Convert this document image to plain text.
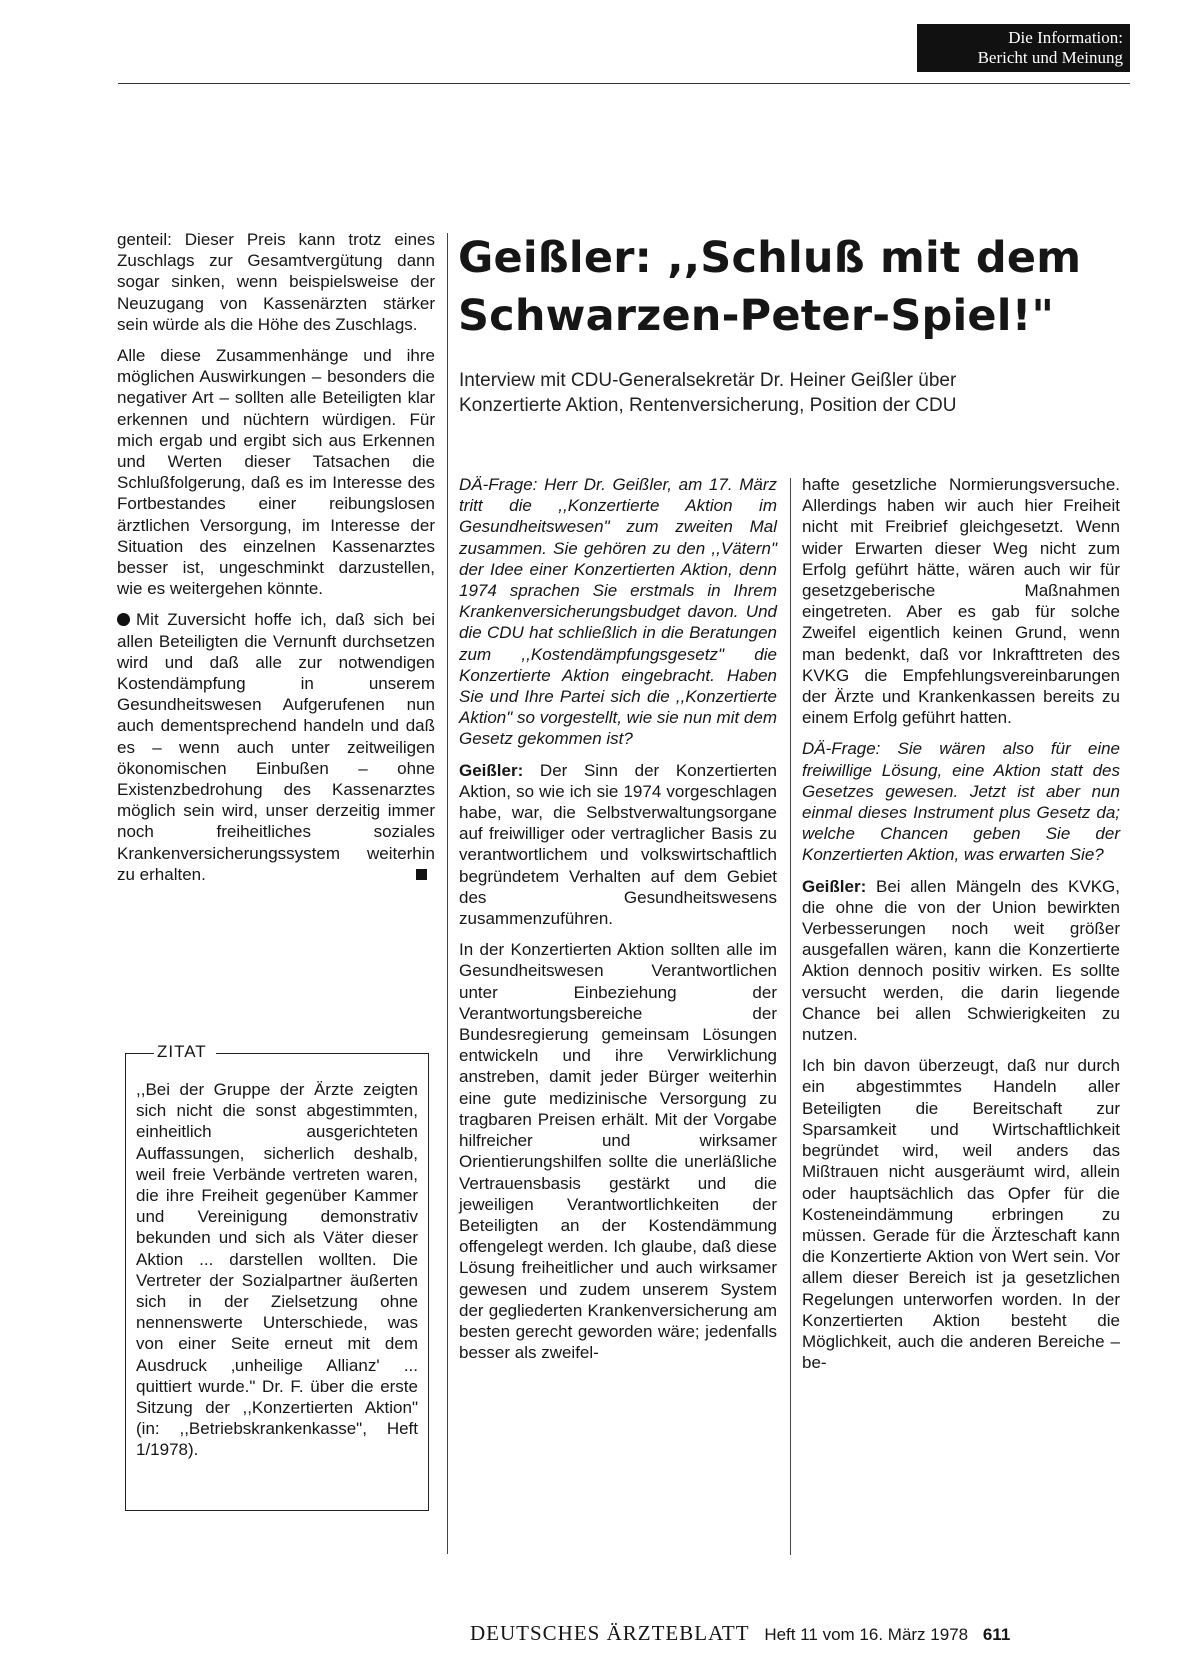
Die Information:
Bericht und Meinung

genteil: Dieser Preis kann trotz eines Zuschlags zur Gesamtvergütung dann sogar sinken, wenn beispielsweise der Neuzugang von Kassenärzten stärker sein würde als die Höhe des Zuschlags.

Alle diese Zusammenhänge und ihre möglichen Auswirkungen – besonders die negativer Art – sollten alle Beteiligten klar erkennen und nüchtern würdigen. Für mich ergab und ergibt sich aus Erkennen und Werten dieser Tatsachen die Schlußfolgerung, daß es im Interesse des Fortbestandes einer reibungslosen ärztlichen Versorgung, im Interesse der Situation des einzelnen Kassenarztes besser ist, ungeschminkt darzustellen, wie es weitergehen könnte.

Mit Zuversicht hoffe ich, daß sich bei allen Beteiligten die Vernunft durchsetzen wird und daß alle zur notwendigen Kostendämpfung in unserem Gesundheitswesen Aufgerufenen nun auch dementsprechend handeln und daß es – wenn auch unter zeitweiligen ökonomischen Einbußen – ohne Existenzbedrohung des Kassenarztes möglich sein wird, unser derzeitig immer noch freiheitliches soziales Krankenversicherungssystem weiterhin zu erhalten.

ZITAT
,,Bei der Gruppe der Ärzte zeigten sich nicht die sonst abgestimmten, einheitlich ausgerichteten Auffassungen, sicherlich deshalb, weil freie Verbände vertreten waren, die ihre Freiheit gegenüber Kammer und Vereinigung demonstrativ bekunden und sich als Väter dieser Aktion ... darstellen wollten. Die Vertreter der Sozialpartner äußerten sich in der Zielsetzung ohne nennenswerte Unterschiede, was von einer Seite erneut mit dem Ausdruck ‚unheilige Allianz' ... quittiert wurde." Dr. F. über die erste Sitzung der ,,Konzertierten Aktion" (in: ,,Betriebskrankenkasse", Heft 1/1978).
Geißler: ,,Schluß mit dem
Schwarzen-Peter-Spiel!"
Interview mit CDU-Generalsekretär Dr. Heiner Geißler über
Konzertierte Aktion, Rentenversicherung, Position der CDU

DÄ-Frage: Herr Dr. Geißler, am 17. März tritt die ,,Konzertierte Aktion im Gesundheitswesen" zum zweiten Mal zusammen. Sie gehören zu den ,,Vätern" der Idee einer Konzertierten Aktion, denn 1974 sprachen Sie erstmals in Ihrem Krankenversicherungsbudget davon. Und die CDU hat schließlich in die Beratungen zum ,,Kostendämpfungsgesetz" die Konzertierte Aktion eingebracht. Haben Sie und Ihre Partei sich die ,,Konzertierte Aktion" so vorgestellt, wie sie nun mit dem Gesetz gekommen ist?

Geißler: Der Sinn der Konzertierten Aktion, so wie ich sie 1974 vorgeschlagen habe, war, die Selbstverwaltungsorgane auf freiwilliger oder vertraglicher Basis zu verantwortlichem und volkswirtschaftlich begründetem Verhalten auf dem Gebiet des Gesundheitswesens zusammenzuführen.

In der Konzertierten Aktion sollten alle im Gesundheitswesen Verantwortlichen unter Einbeziehung der Verantwortungsbereiche der Bundesregierung gemeinsam Lösungen entwickeln und ihre Verwirklichung anstreben, damit jeder Bürger weiterhin eine gute medizinische Versorgung zu tragbaren Preisen erhält. Mit der Vorgabe hilfreicher und wirksamer Orientierungshilfen sollte die unerläßliche Vertrauensbasis gestärkt und die jeweiligen Verantwortlichkeiten der Beteiligten an der Kostendämmung offengelegt werden. Ich glaube, daß diese Lösung freiheitlicher und auch wirksamer gewesen und zudem unserem System der gegliederten Krankenversicherung am besten gerecht geworden wäre; jedenfalls besser als zweifel-

hafte gesetzliche Normierungsversuche. Allerdings haben wir auch hier Freiheit nicht mit Freibrief gleichgesetzt. Wenn wider Erwarten dieser Weg nicht zum Erfolg geführt hätte, wären auch wir für gesetzgeberische Maßnahmen eingetreten. Aber es gab für solche Zweifel eigentlich keinen Grund, wenn man bedenkt, daß vor Inkrafttreten des KVKG die Empfehlungsvereinbarungen der Ärzte und Krankenkassen bereits zu einem Erfolg geführt hatten.

DÄ-Frage: Sie wären also für eine freiwillige Lösung, eine Aktion statt des Gesetzes gewesen. Jetzt ist aber nun einmal dieses Instrument plus Gesetz da; welche Chancen geben Sie der Konzertierten Aktion, was erwarten Sie?

Geißler: Bei allen Mängeln des KVKG, die ohne die von der Union bewirkten Verbesserungen noch weit größer ausgefallen wären, kann die Konzertierte Aktion dennoch positiv wirken. Es sollte versucht werden, die darin liegende Chance bei allen Schwierigkeiten zu nutzen.

Ich bin davon überzeugt, daß nur durch ein abgestimmtes Handeln aller Beteiligten die Bereitschaft zur Sparsamkeit und Wirtschaftlichkeit begründet wird, weil anders das Mißtrauen nicht ausgeräumt wird, allein oder hauptsächlich das Opfer für die Kosteneindämmung erbringen zu müssen. Gerade für die Ärzteschaft kann die Konzertierte Aktion von Wert sein. Vor allem dieser Bereich ist ja gesetzlichen Regelungen unterworfen worden. In der Konzertierten Aktion besteht die Möglichkeit, auch die anderen Bereiche – be-

DEUTSCHES ÄRZTEBLATT Heft 11 vom 16. März 1978 611
